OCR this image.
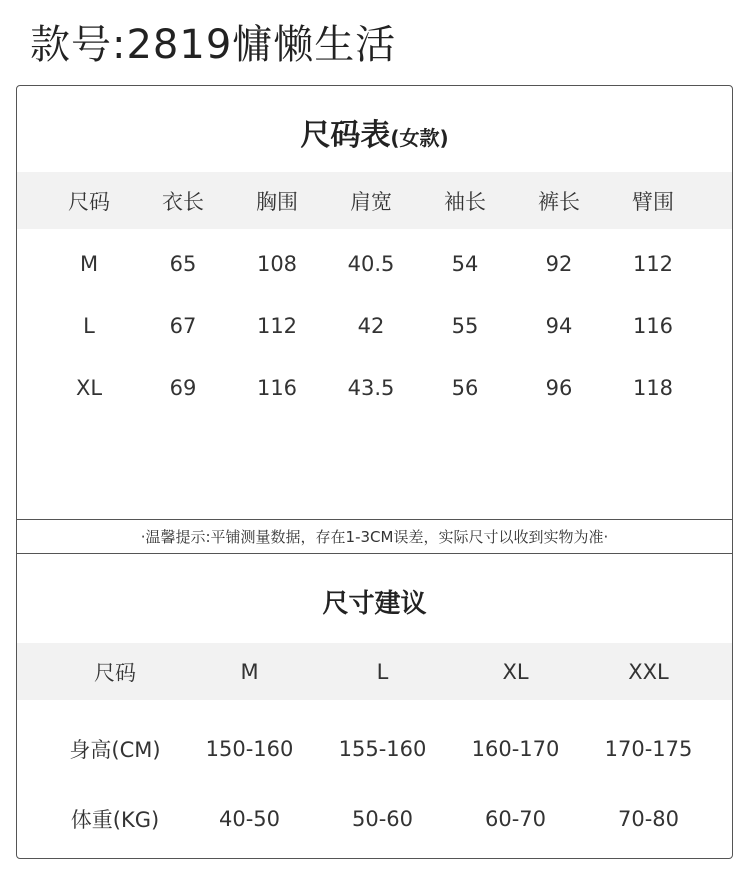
款号:2819慵懒生活
尺码表(女款)
尺码	衣长	胸围	肩宽	袖长	裤长	臂围
M	65	108	40.5	54	92	112
L	67	112	42	55	94	116
XL	69	116	43.5	56	96	118
·温馨提示:平铺测量数据，存在1-3CM误差，实际尺寸以收到实物为准·
尺寸建议
尺码	M	L	XL	XXL
身高(CM)	150-160	155-160	160-170	170-175
体重(KG)	40-50	50-60	60-70	70-80
